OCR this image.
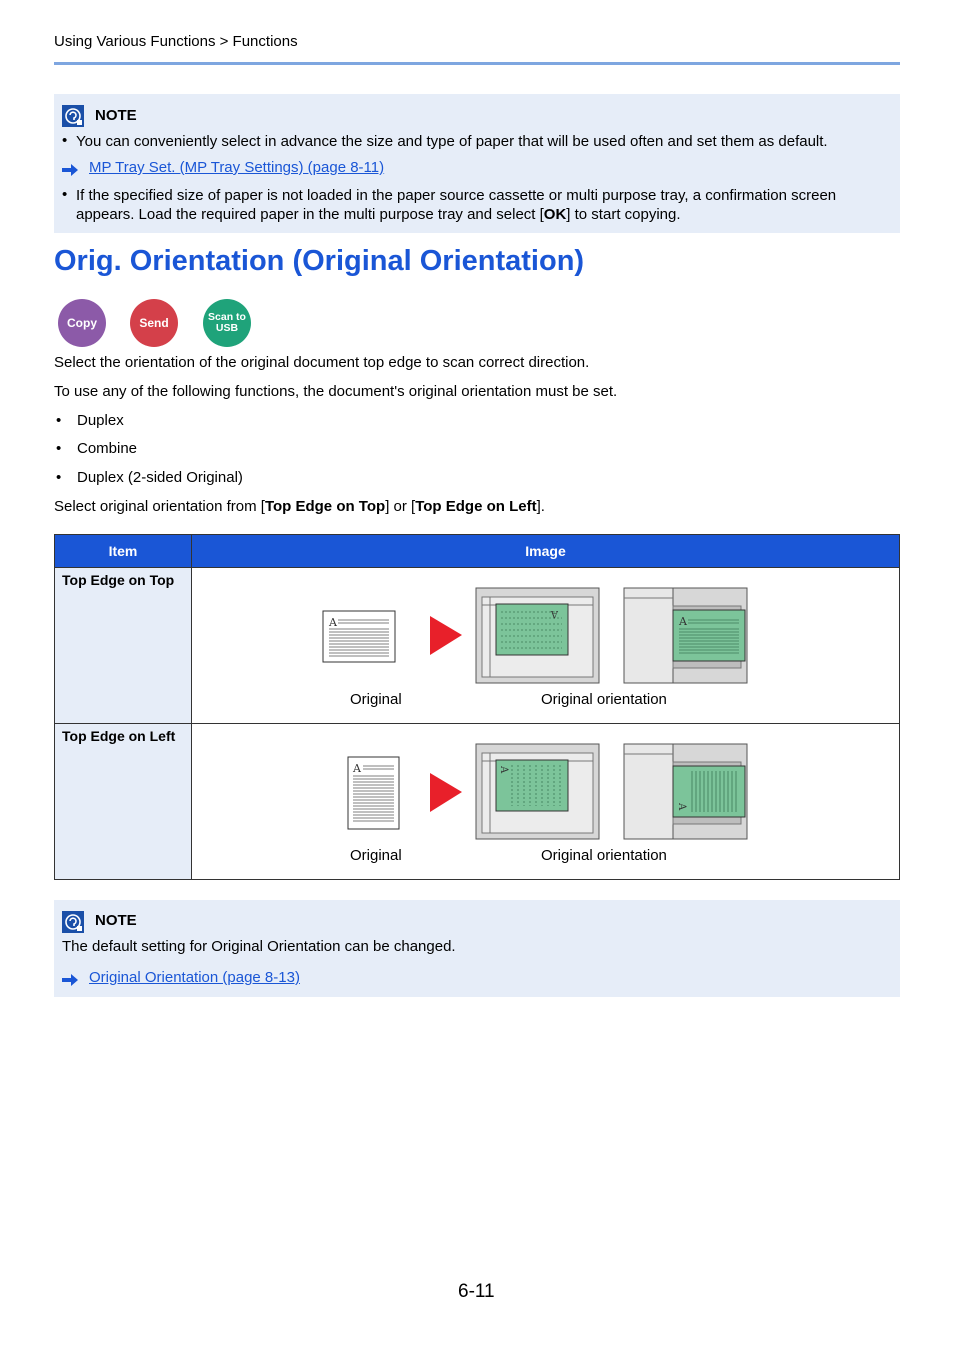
Using Various Functions > Functions
NOTE
• You can conveniently select in advance the size and type of paper that will be used often and set them as default.
MP Tray Set. (MP Tray Settings) (page 8-11)
• If the specified size of paper is not loaded in the paper source cassette or multi purpose tray, a confirmation screen
appears. Load the required paper in the multi purpose tray and select [OK] to start copying.
Orig. Orientation (Original Orientation)
Copy	Send	Scan to
USB
Select the orientation of the original document top edge to scan correct direction.
To use any of the following functions, the document's original orientation must be set.
• Duplex
• Combine
• Duplex (2-sided Original)
Select original orientation from [Top Edge on Top] or [Top Edge on Left].
Item	Image
Top Edge on Top	A
A
A
Original Original orientation

Top Edge on Left	A A
A
Original Original orientation
NOTE
The default setting for Original Orientation can be changed.
Original Orientation (page 8-13)
6-11
